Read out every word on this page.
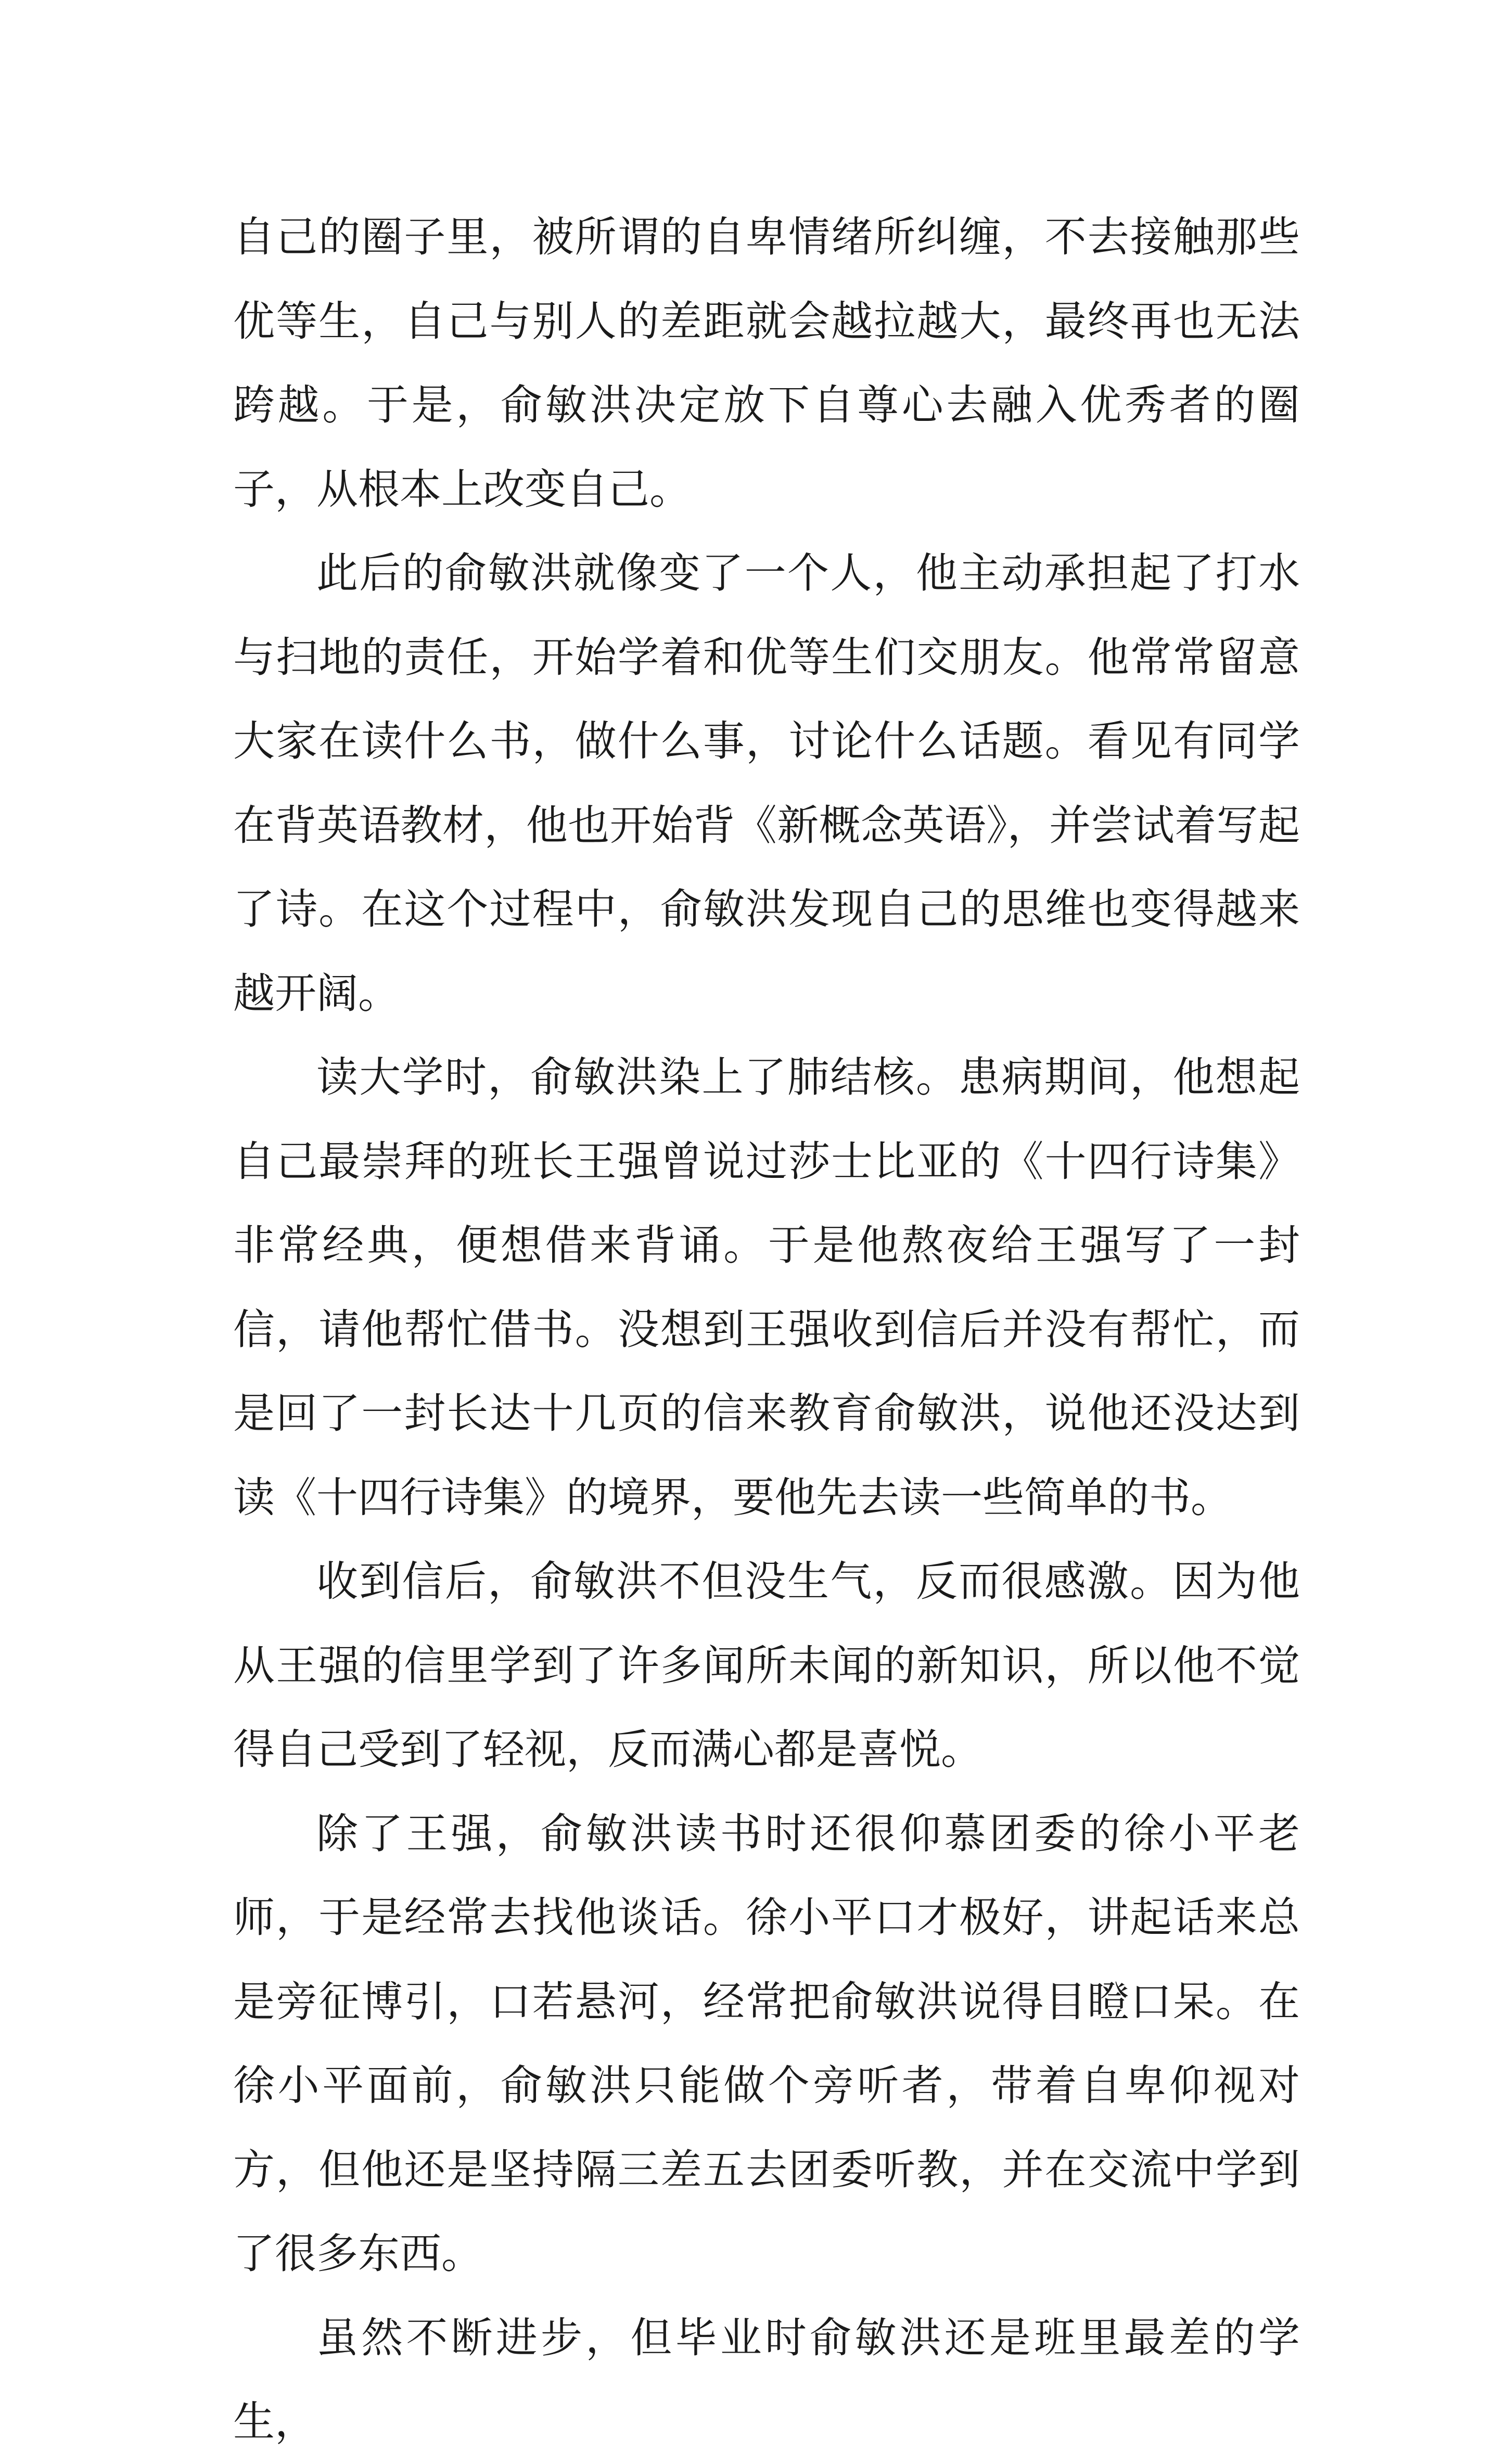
自己的圈子里，被所谓的自卑情绪所纠缠，不去接触那些优等生，自己与别人的差距就会越拉越大，最终再也无法跨越。于是，俞敏洪决定放下自尊心去融入优秀者的圈子，从根本上改变自己。

此后的俞敏洪就像变了一个人，他主动承担起了打水与扫地的责任，开始学着和优等生们交朋友。他常常留意大家在读什么书，做什么事，讨论什么话题。看见有同学在背英语教材，他也开始背《新概念英语》，并尝试着写起了诗。在这个过程中，俞敏洪发现自己的思维也变得越来越开阔。

读大学时，俞敏洪染上了肺结核。患病期间，他想起自己最崇拜的班长王强曾说过莎士比亚的《十四行诗集》非常经典，便想借来背诵。于是他熬夜给王强写了一封信，请他帮忙借书。没想到王强收到信后并没有帮忙，而是回了一封长达十几页的信来教育俞敏洪，说他还没达到读《十四行诗集》的境界，要他先去读一些简单的书。

收到信后，俞敏洪不但没生气，反而很感激。因为他从王强的信里学到了许多闻所未闻的新知识，所以他不觉得自己受到了轻视，反而满心都是喜悦。

除了王强，俞敏洪读书时还很仰慕团委的徐小平老师，于是经常去找他谈话。徐小平口才极好，讲起话来总是旁征博引，口若悬河，经常把俞敏洪说得目瞪口呆。在徐小平面前，俞敏洪只能做个旁听者，带着自卑仰视对方，但他还是坚持隔三差五去团委听教，并在交流中学到了很多东西。

虽然不断进步，但毕业时俞敏洪还是班里最差的学生，
